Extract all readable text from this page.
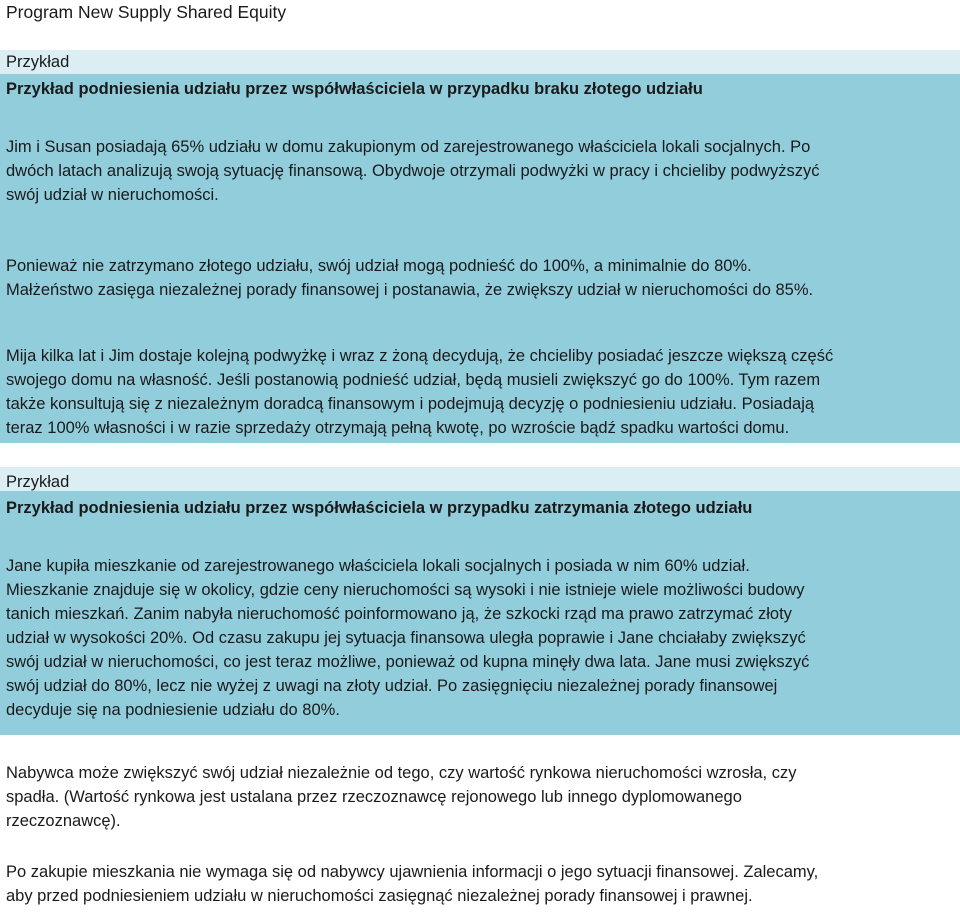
Program New Supply Shared Equity

Przykład

Przykład podniesienia udziału przez współwłaściciela w przypadku braku złotego udziału

Jim i Susan posiadają 65% udziału w domu zakupionym od zarejestrowanego właściciela lokali socjalnych. Po
dwóch latach analizują swoją sytuację finansową. Obydwoje otrzymali podwyżki w pracy i chcieliby podwyższyć
swój udział w nieruchomości.
Ponieważ nie zatrzymano złotego udziału, swój udział mogą podnieść do 100%, a minimalnie do 80%.
Małżeństwo zasięga niezależnej porady finansowej i postanawia, że zwiększy udział w nieruchomości do 85%.
Mija kilka lat i Jim dostaje kolejną podwyżkę i wraz z żoną decydują, że chcieliby posiadać jeszcze większą część
swojego domu na własność. Jeśli postanowią podnieść udział, będą musieli zwiększyć go do 100%. Tym razem
także konsultują się z niezależnym doradcą finansowym i podejmują decyzję o podniesieniu udziału. Posiadają
teraz 100% własności i w razie sprzedaży otrzymają pełną kwotę, po wzroście bądź spadku wartości domu.

Przykład

Przykład podniesienia udziału przez współwłaściciela w przypadku zatrzymania złotego udziału

Jane kupiła mieszkanie od zarejestrowanego właściciela lokali socjalnych i posiada w nim 60% udział.
Mieszkanie znajduje się w okolicy, gdzie ceny nieruchomości są wysoki i nie istnieje wiele możliwości budowy
tanich mieszkań. Zanim nabyła nieruchomość poinformowano ją, że szkocki rząd ma prawo zatrzymać złoty
udział w wysokości 20%. Od czasu zakupu jej sytuacja finansowa uległa poprawie i Jane chciałaby zwiększyć
swój udział w nieruchomości, co jest teraz możliwe, ponieważ od kupna minęły dwa lata. Jane musi zwiększyć
swój udział do 80%, lecz nie wyżej z uwagi na złoty udział. Po zasięgnięciu niezależnej porady finansowej
decyduje się na podniesienie udziału do 80%.
Nabywca może zwiększyć swój udział niezależnie od tego, czy wartość rynkowa nieruchomości wzrosła, czy
spadła. (Wartość rynkowa jest ustalana przez rzeczoznawcę rejonowego lub innego dyplomowanego
rzeczoznawcę).
Po zakupie mieszkania nie wymaga się od nabywcy ujawnienia informacji o jego sytuacji finansowej. Zalecamy,
aby przed podniesieniem udziału w nieruchomości zasięgnąć niezależnej porady finansowej i prawnej.
